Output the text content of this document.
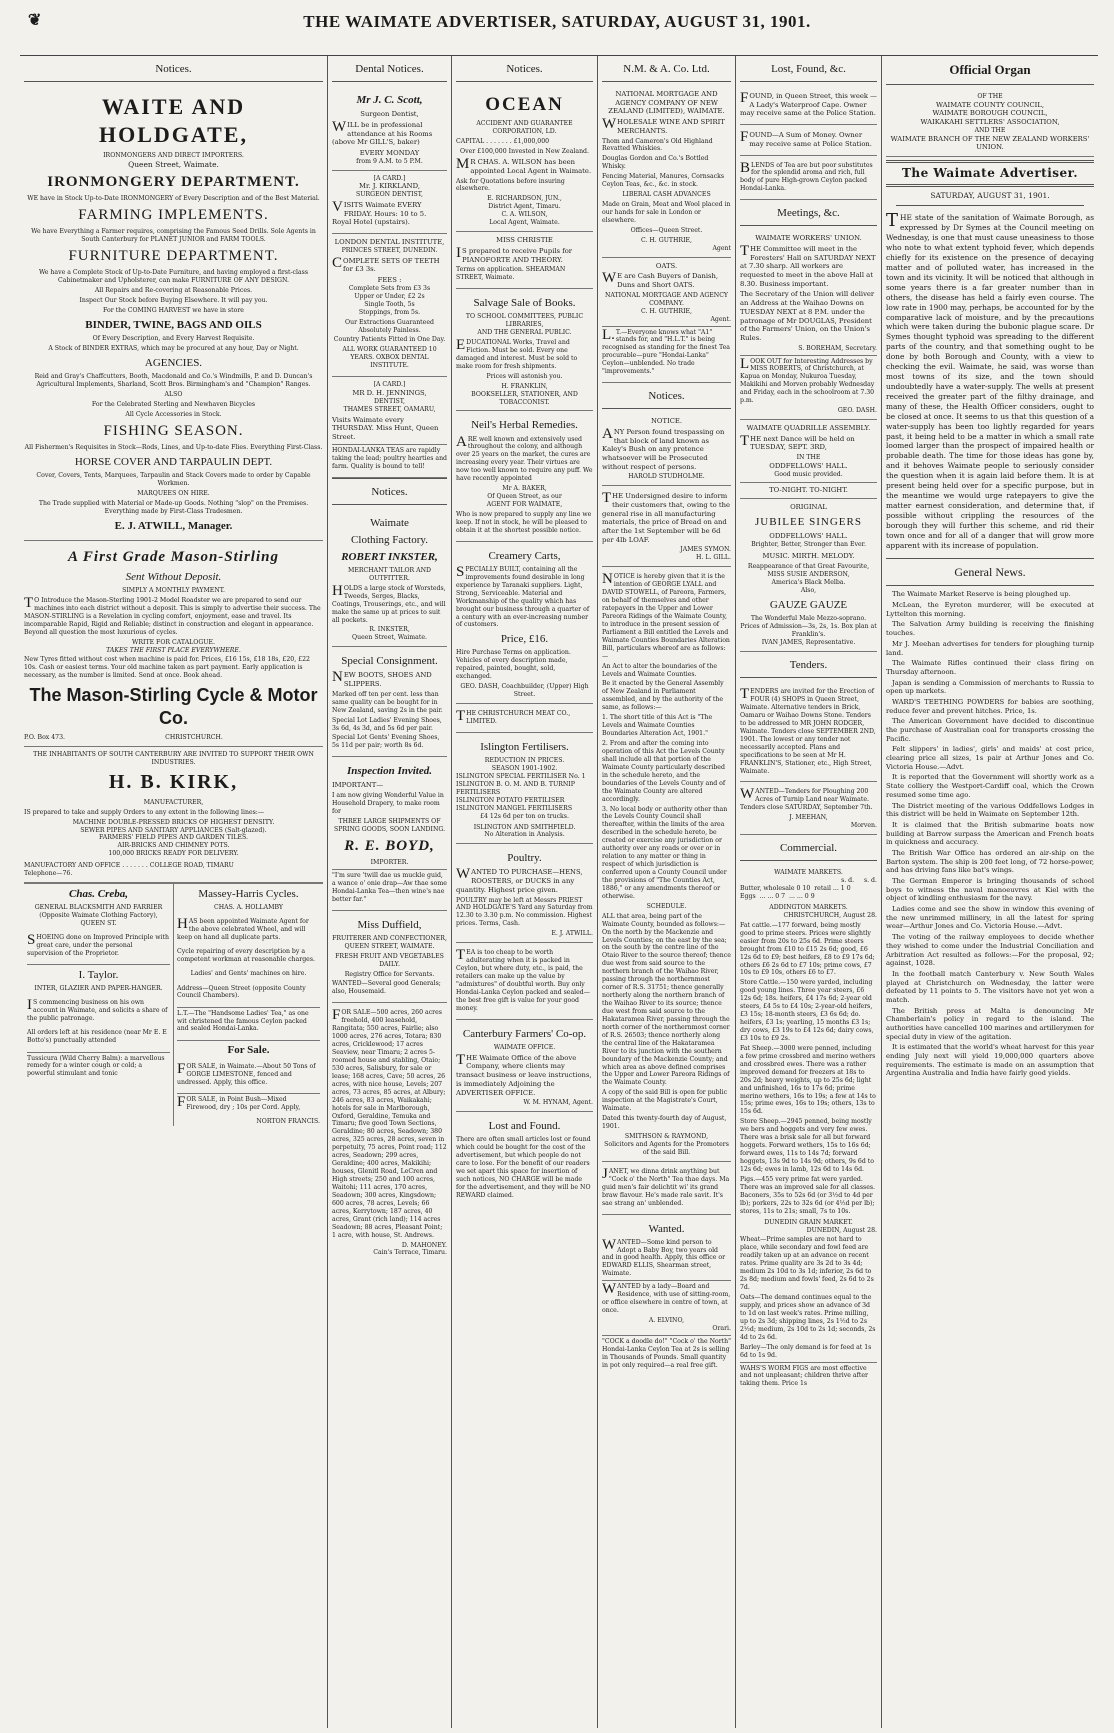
❦	THE WAIMATE ADVERTISER, SATURDAY, AUGUST 31, 1901.
Notices.
WAITE AND HOLDGATE,
IRONMONGERS AND DIRECT IMPORTERS.
Queen Street, Waimate.
IRONMONGERY DEPARTMENT.

WE have in Stock Up-to-Date IRONMONGERY of Every Description and of the Best Material.

FARMING IMPLEMENTS.

We have Everything a Farmer requires, comprising the Famous Seed Drills. Sole Agents in South Canterbury for PLANET JUNIOR and FARM TOOLS.

FURNITURE DEPARTMENT.

We have a Complete Stock of Up-to-Date Furniture, and having employed a first-class Cabinetmaker and Upholsterer, can make FURNITURE OF ANY DESIGN.

All Repairs and Re-covering at Reasonable Prices.

Inspect Our Stock before Buying Elsewhere. It will pay you.

For the COMING HARVEST we have in store

BINDER, TWINE, BAGS AND OILS

Of Every Description, and Every Harvest Requisite.

A Stock of BINDER EXTRAS, which may be procured at any hour, Day or Night.

AGENCIES.

Reid and Gray's Chaffcutters, Booth, Macdonald and Co.'s Windmills, P. and D. Duncan's Agricultural Implements, Sharland, Scott Bros. Birmingham's and "Champion" Ranges.

ALSO

For the Celebrated Sterling and Newhaven Bicycles

All Cycle Accessories in Stock.

FISHING SEASON.

All Fishermen's Requisites in Stock—Rods, Lines, and Up-to-date Flies. Everything First-Class.

HORSE COVER AND TARPAULIN DEPT.

Cover, Covers, Tents, Marquees, Tarpaulin and Stack Covers made to order by Capable Workmen.

MARQUEES ON HIRE.

The Trade supplied with Material or Made-up Goods. Nothing "slop" on the Premises. Everything made by First-Class Tradesmen.

E. J. ATWILL, Manager.
A First Grade Mason-Stirling
Sent Without Deposit.
SIMPLY A MONTHLY PAYMENT.

TO Introduce the Mason-Sterling 1901-2 Model Roadster we are prepared to send our machines into each district without a deposit. This is simply to advertise their success. The MASON-STIRLING is a Revelation in cycling comfort, enjoyment, ease and travel. Its incomparable Rapid, Rigid and Reliable; distinct in construction and elegant in appearance. Beyond all question the most luxurious of cycles.

WRITE FOR CATALOGUE.
TAKES THE FIRST PLACE EVERYWHERE.

New Tyres fitted without cost when machine is paid for. Prices, £16 15s, £18 18s, £20, £22 10s. Cash or easiest terms. Your old machine taken as part payment. Early application is necessary, as the number is limited. Send at once. Book ahead.

The Mason-Stirling Cycle & Motor Co.
P.O. Box 473.	CHRISTCHURCH.
THE INHABITANTS OF SOUTH CANTERBURY ARE INVITED TO SUPPORT THEIR OWN INDUSTRIES.
H. B. KIRK,
MANUFACTURER,

IS prepared to take and supply Orders to any extent in the following lines:—

MACHINE DOUBLE-PRESSED BRICKS OF HIGHEST DENSITY.
SEWER PIPES AND SANITARY APPLIANCES (Salt-glazed).
FARMERS' FIELD PIPES AND GARDEN TILES.
AIR-BRICKS AND CHIMNEY POTS.
100,000 BRICKS READY FOR DELIVERY.
MANUFACTORY AND OFFICE . . . . . . . COLLEGE ROAD, TIMARU
Telephone—76.
Chas. Creba,
GENERAL BLACKSMITH AND FARRIER
(Opposite Waimate Clothing Factory),
QUEEN ST.

SHOEING done on Improved Principle with great care, under the personal supervision of the Proprietor.

I. Taylor.
INTER, GLAZIER AND PAPER-HANGER.

IS commencing business on his own account in Waimate, and solicits a share of the public patronage.

All orders left at his residence (near Mr E. E Botto's) punctually attended

Tussicura (Wild Cherry Balm): a marvellous remedy for a winter cough or cold; a powerful stimulant and tonic

Massey-Harris Cycles.
CHAS. A. HOLLAMBY

HAS been appointed Waimate Agent for the above celebrated Wheel, and will keep on hand all duplicate parts.

Cycle repairing of every description by a competent workman at reasonable charges.

Ladies' and Gents' machines on hire.

Address—Queen Street (opposite County Council Chambers).

L.T.—The "Handsome Ladies' Tea," as one wit christened the famous Ceylon packed and sealed Hondai-Lanka.

For Sale.

FOR SALE, in Waimate.—About 50 Tons of GORGE LIMESTONE, fenced and undressed. Apply, this office.

FOR SALE, in Point Bush—Mixed Firewood, dry ; 10s per Cord. Apply,

NORTON FRANCIS.
Dental Notices.
Mr J. C. Scott,
Surgeon Dentist,

WILL be in professional attendance at his Rooms (above Mr GILL'S, baker)

EVERY MONDAY
from 9 A.M. to 5 P.M.
[A CARD.]
Mr. J. KIRKLAND,
SURGEON DENTIST,

VISITS Waimate EVERY FRIDAY. Hours: 10 to 5. Royal Hotel (upstairs).

LONDON DENTAL INSTITUTE,
PRINCES STREET, DUNEDIN.

COMPLETE SETS OF TEETH for £3 3s.

FEES :
Complete Sets from £3 3s
Upper or Under, £2 2s
Single Tooth, 5s
Stoppings, from 5s.

Our Extractions Guaranteed Absolutely Painless.

Country Patients Fitted in One Day.

ALL WORK GUARANTEED 10 YEARS. OXBOX DENTAL INSTITUTE.

[A CARD.]
MR D. H. JENNINGS,
DENTIST,
THAMES STREET, OAMARU,

Visits Waimate every THURSDAY. Miss Hunt, Queen Street.

HONDAI-LANKA TEAS are rapidly taking the lead; poultry hearties and farm. Quality is bound to tell!

Notices.
Waimate
Clothing Factory.
ROBERT INKSTER,
MERCHANT TAILOR AND OUTFITTER.

HOLDS a large stock of Worsteds, Tweeds, Serges, Blacks, Coatings, Trouserings, etc., and will make the same up at prices to suit all pockets.

R. INKSTER,
Queen Street, Waimate.
Special Consignment.

NEW BOOTS, SHOES AND SLIPPERS.

Marked off ten per cent. less than same quality can be bought for in New Zealand, saving 2s in the pair.

Special Lot Ladies' Evening Shoes, 3s 6d, 4s 3d, and 5s 6d per pair.

Special Lot Gents' Evening Shoes, 5s 11d per pair; worth 8s 6d.

Inspection Invited.

IMPORTANT—

I am now giving Wonderful Value in Household Drapery, to make room for

THREE LARGE SHIPMENTS OF SPRING GOODS, SOON LANDING.

R. E. BOYD,
IMPORTER.

"I'm sure 'twill dae us muckle guid, a wance o' onie drap—Aw thae some Hondai-Lanka Tea—then wine's nae better far."

Miss Duffield,
FRUITERER AND CONFECTIONER,
QUEEN STREET, WAIMATE.

FRESH FRUIT AND VEGETABLES DAILY.

Registry Office for Servants.

WANTED—Several good Generals; also, Housemaid.

FOR SALE—500 acres, 260 acres freehold, 400 leasehold, Rangitata; 550 acres, Fairlie; also 1000 acres, 276 acres, Totara; 830 acres, Cricklewood; 17 acres Seaview, near Timaru; 2 acres 5-roomed house and stabling, Otaio; 530 acres, Salisbury, for sale or lease; 168 acres, Cave; 50 acres, 26 acres, with nice house, Levels; 207 acres, 73 acres, 85 acres, at Albury; 246 acres, 83 acres, Waikakahi; hotels for sale in Marlborough, Oxford, Geraldine, Temuka and Timaru; five good Town Sections, Geraldine; 80 acres, Seadown; 380 acres, 325 acres, 28 acres, seven in perpetuity, 75 acres, Point road; 112 acres, Seadown; 299 acres, Geraldine; 400 acres, Makikihi; houses, Glenitl Road, LeCren and High streets; 250 and 100 acres, Waitohi; 111 acres, 170 acres, Seadown; 300 acres, Kingsdown; 600 acres, 78 acres, Levels; 66 acres, Kerrytown; 187 acres, 40 acres, Grant (rich land); 114 acres Seadown; 88 acres, Pleasant Point; 1 acre, with house, St. Andrews.

D. MAHONEY.
Cain's Terrace, Timaru.
Notices.
OCEAN
ACCIDENT AND GUARANTEE CORPORATION, LD.

CAPITAL . . . . . . . £1,000,000

Over £100,000 Invested in New Zealand.

MR CHAS. A. WILSON has been appointed Local Agent in Waimate.

Ask for Quotations before insuring elsewhere.

E. RICHARDSON, JUN.,
District Agent, Timaru.
C. A. WILSON,
Local Agent, Waimate.
MISS CHRISTIE

IS prepared to receive Pupils for PIANOFORTE AND THEORY.

Terms on application. SHEARMAN STREET, Waimate.

Salvage Sale of Books.
TO SCHOOL COMMITTEES, PUBLIC LIBRARIES,
AND THE GENERAL PUBLIC.

EDUCATIONAL Works, Travel and Fiction. Must be sold. Every one damaged and interest. Must be sold to make room for fresh shipments.

Prices will astonish you.

H. FRANKLIN,
BOOKSELLER, STATIONER, AND TOBACCONIST.
Neil's Herbal Remedies.

ARE well known and extensively used throughout the colony, and although over 25 years on the market, the cures are increasing every year. Their virtues are now too well known to require any puff. We have recently appointed

Mr A. BAKER,
Of Queen Street, as our
AGENT FOR WAIMATE,

Who is now prepared to supply any line we keep. If not in stock, he will be pleased to obtain it at the shortest possible notice.

Creamery Carts,

SPECIALLY BUILT, containing all the improvements found desirable in long experience by Taranaki suppliers. Light, Strong, Serviceable. Material and Workmanship of the quality which has brought our business through a quarter of a century with an ever-increasing number of customers.

Price, £16.

Hire Purchase Terms on application. Vehicles of every description made, repaired, painted, bought, sold, exchanged.

GEO. DASH, Coachbuilder, (Upper) High Street.

THE CHRISTCHURCH MEAT CO., LIMITED.

Islington Fertilisers.
REDUCTION IN PRICES.
SEASON 1901-1902.
ISLINGTON SPECIAL FERTILISER No. 1
ISLINGTON B. O. M. AND B. TURNIP FERTILISERS
ISLINGTON POTATO FERTILISER
ISLINGTON MANGEL FERTILISERS
£4 12s 6d per ton on trucks.
ISLINGTON AND SMITHFIELD.
No Alteration in Analysis.
Poultry.

WANTED TO PURCHASE—HENS, ROOSTERS, or DUCKS in any quantity. Highest price given.

POULTRY may be left at Messrs PRIEST AND HOLDGATE'S Yard any Saturday from 12.30 to 3.30 p.m. No commission. Highest prices. Terms, Cash.

E. J. ATWILL.

TEA is too cheap to be worth adulterating when it is packed in Ceylon, but where duty, etc., is paid, the retailers can make up the value by "admixtures" of doubtful worth. Buy only Hondai-Lanka Ceylon packed and sealed—the best free gift is value for your good money.

Canterbury Farmers' Co-op.
WAIMATE OFFICE.

THE Waimate Office of the above Company, where clients may transact business or leave instructions, is immediately Adjoining the ADVERTISER OFFICE.

W. M. HYNAM, Agent.
Lost and Found.

There are often small articles lost or found which could be bought for the cost of the advertisement, but which people do not care to lose. For the benefit of our readers we set apart this space for insertion of such notices, NO CHARGE will be made for the advertisement, and they will be NO REWARD claimed.

N.M. & A. Co. Ltd.
NATIONAL MORTGAGE AND AGENCY COMPANY OF NEW ZEALAND (LIMITED), WAIMATE.

WHOLESALE WINE AND SPIRIT MERCHANTS.

Thom and Cameron's Old Highland Revatted Whiskies.

Douglas Gordon and Co.'s Bottled Whisky.

Fencing Material, Manures, Cornsacks Ceylon Teas, &c., &c. in stock.

LIBERAL CASH ADVANCES

Made on Grain, Meat and Wool placed in our hands for sale in London or elsewhere.

Offices—Queen Street.

C. H. GUTHRIE,
Agent
OATS.

WE are Cash Buyers of Danish, Duns and Short OATS.

NATIONAL MORTGAGE AND AGENCY COMPANY.
C. H. GUTHRIE,
Agent.

L.T.—Everyone knows what "A1" stands for, and "H.L.T." is being recognised as standing for the finest Tea procurable—pure "Hondai-Lanka" Ceylon—unblended. No trade "improvements."

Notices.
NOTICE.

ANY Person found trespassing on that block of land known as Kaley's Bush on any pretence whatsoever will be Prosecuted without respect of persons.

HAROLD STUDHOLME.

THE Undersigned desire to inform their customers that, owing to the general rise in all manufacturing materials, the price of Bread on and after the 1st September will be 6d per 4lb LOAF.

JAMES SYMON.
H. L. GILL.

NOTICE is hereby given that it is the intention of GEORGE LYALL and DAVID STOWELL, of Pareora, Farmers, on behalf of themselves and other ratepayers in the Upper and Lower Pareora Ridings of the Waimate County, to introduce in the present session of Parliament a Bill entitled the Levels and Waimate Counties Boundaries Alteration Bill, particulars whereof are as follows:—

An Act to alter the boundaries of the Levels and Waimate Counties.

Be it enacted by the General Assembly of New Zealand in Parliament assembled, and by the authority of the same, as follows:—

1. The short title of this Act is "The Levels and Waimate Counties Boundaries Alteration Act, 1901."

2. From and after the coming into operation of this Act the Levels County shall include all that portion of the Waimate County particularly described in the schedule hereto, and the boundaries of the Levels County and of the Waimate County are altered accordingly.

3. No local body or authority other than the Levels County Council shall thereafter, within the limits of the area described in the schedule hereto, be created or exercise any jurisdiction or authority over any roads or over or in relation to any matter or thing in respect of which jurisdiction is conferred upon a County Council under the provisions of "The Counties Act, 1886," or any amendments thereof or otherwise.

SCHEDULE.

ALL that area, being part of the Waimate County, bounded as follows:—On the north by the Mackenzie and Levels Counties; on the east by the sea; on the south by the centre line of the Otaio River to the source thereof; thence due west from said source to the northern branch of the Waihao River, passing through the northernmost corner of R.S. 31751; thence generally northerly along the northern branch of the Waihao River to its source; thence due west from said source to the Hakataramea River, passing through the north corner of the northernmost corner of R.S. 26503; thence northerly along the central line of the Hakataramea River to its junction with the southern boundary of the Mackenzie County; and which area as above defined comprises the Upper and Lower Pareora Ridings of the Waimate County.

A copy of the said Bill is open for public inspection at the Magistrate's Court, Waimate.

Dated this twenty-fourth day of August, 1901.

SMITHSON & RAYMOND,
Solicitors and Agents for the Promoters of the said Bill.

JANET, we dinna drink anything but "Cock o' the North" Tea thae days. Ma guid men's fair delichtit wi' its grand braw flavour. He's made rale savit. It's sae strang an' unblended.

Wanted.

WANTED—Some kind person to Adopt a Baby Boy, two years old and in good health. Apply, this office or EDWARD ELLIS, Shearman street, Waimate.

WANTED by a lady—Board and Residence, with use of sitting-room, or office elsewhere in centre of town, at once.

A. ELVINO,
Orari.

"COCK a doodle do!" "Cock o' the North" Hondai-Lanka Ceylon Tea at 2s is selling in Thousands of Pounds. Small quantity in pot only required—a real free gift.

Lost, Found, &c.

FOUND, in Queen Street, this week — A Lady's Waterproof Cape. Owner may receive same at the Police Station.

FOUND—A Sum of Money. Owner may receive same at Police Station.

BLENDS of Tea are but poor substitutes for the splendid aroma and rich, full body of pure High-grown Ceylon packed Hondai-Lanka.

Meetings, &c.
WAIMATE WORKERS' UNION.

THE Committee will meet in the Foresters' Hall on SATURDAY NEXT at 7.30 sharp. All workers are requested to meet in the above Hall at 8.30. Business important.

The Secretary of the Union will deliver an Address at the Waihao Downs on TUESDAY NEXT at 8 P.M. under the patronage of Mr DOUGLAS, President of the Farmers' Union, on the Union's Rules.

S. BOREHAM, Secretary.

LOOK OUT for Interesting Addresses by MISS ROBERTS, of Christchurch, at Kapua on Monday, Nukuroa Tuesday, Makikihi and Morven probably Wednesday and Friday, each in the schoolroom at 7.30 p.m.

GEO. DASH.
WAIMATE QUADRILLE ASSEMBLY.

THE next Dance will be held on TUESDAY, SEPT. 3RD,

IN THE
ODDFELLOWS' HALL.
Good music provided.
TO-NIGHT. TO-NIGHT.
ORIGINAL
JUBILEE SINGERS
ODDFELLOWS' HALL.
Brighter, Better, Stronger than Ever.
MUSIC. MIRTH. MELODY.
Reappearance of that Great Favourite, MISS SUSIE ANDERSON,
America's Black Melba.
Also,
GAUZE GAUZE
The Wonderful Male Mezzo-soprano.
Prices of Admission—3s, 2s, 1s. Box plan at Franklin's.
IVAN JAMES, Representative.
Tenders.

TENDERS are invited for the Erection of FOUR (4) SHOPS in Queen Street, Waimate. Alternative tenders in Brick, Oamaru or Waihao Downs Stone. Tenders to be addressed to MR JOHN RODGER, Waimate. Tenders close SEPTEMBER 2ND, 1901. The lowest or any tender not necessarily accepted. Plans and specifications to be seen at Mr H. FRANKLIN'S, Stationer, etc., High Street, Waimate.

WANTED—Tenders for Ploughing 200 Acres of Turnip Land near Waimate. Tenders close SATURDAY, September 7th.

J. MEEHAN,
Morven.
Commercial.
WAIMATE MARKETS.
s. d.     s. d.
Butter, wholesale 0 10  retail ... 1 0
Eggs  ... ... 0 7  ... ... 0 9
ADDINGTON MARKETS.
CHRISTCHURCH, August 28.

Fat cattle.—177 forward, being mostly good to prime steers. Prices were slightly easier from 20s to 25s 6d. Prime steers brought from £10 to £15 2s 6d; good, £6 12s 6d to £9; best heifers, £8 to £9 17s 6d; others £6 2s 6d to £7 10s; prime cows, £7 10s to £9 10s, others £6 to £7.

Store Cattle.—150 were yarded, including good young lines. Three year steers, £6 12s 6d; 18s. heifers, £4 17s 6d; 2-year old steers, £4 5s to £4 10s; 2-year-old heifers, £3 15s; 18-month steers, £3 6s 6d; do. heifers, £3 1s; yearling, 15 months £3 1s; dry cows, £3 19s to £4 12s 6d; dairy cows, £3 10s to £9 2s.

Fat Sheep.—3000 were penned, including a few prime crossbred and merino wethers and crossbred ewes. There was a rather improved demand for freezers at 18s to 20s 2d; heavy weights, up to 25s 6d; light and unfinished, 16s to 17s 6d; prime merino wethers, 16s to 19s; a few at 14s to 15s; prime ewes, 16s to 19s; others, 13s to 15s 6d.

Store Sheep.—2945 penned, being mostly we bers and hoggets and very few ewes. There was a brisk sale for all but forward hoggets. Forward wethers, 15s to 16s 6d; forward ewes, 11s to 14s 7d; forward hoggets, 13s 9d to 14s 9d; others, 9s 6d to 12s 6d; ewes in lamb, 12s 6d to 14s 6d.

Pigs.—455 very prime fat were yarded. There was an improved sale for all classes. Baconers, 35s to 52s 6d (or 3½d to 4d per lb); porkers, 22s to 32s 6d (or 4½d per lb); stores, 11s to 21s; small, 7s to 10s.

DUNEDIN GRAIN MARKET.
DUNEDIN, August 28.

Wheat—Prime samples are not hard to place, while secondary and fowl feed are readily taken up at an advance on recent rates. Prime quality are 3s 2d to 3s 4d; medium 2s 10d to 3s 1d; inferior, 2s 6d to 2s 8d; medium and fowls' feed, 2s 6d to 2s 7d.

Oats—The demand continues equal to the supply, and prices show an advance of 3d to 1d on last week's rates. Prime milling, up to 2s 3d; shipping lines, 2s 1½d to 2s 2½d; medium, 2s 10d to 2s 1d; seconds, 2s 4d to 2s 6d.

Barley—The only demand is for feed at 1s 6d to 1s 9d.

WAHS'S WORM FIGS are most effective and not unpleasant; children thrive after taking them. Price 1s

Official Organ
OF THE
WAIMATE COUNTY COUNCIL,
WAIMATE BOROUGH COUNCIL,
WAIKAKAHI SETTLERS' ASSOCIATION,
AND THE
WAIMATE BRANCH OF THE NEW ZEALAND WORKERS' UNION.
The Waimate Advertiser.
SATURDAY, AUGUST 31, 1901.

THE state of the sanitation of Waimate Borough, as expressed by Dr Symes at the Council meeting on Wednesday, is one that must cause uneasiness to those who note to what extent typhoid fever, which depends chiefly for its existence on the presence of decaying matter and of polluted water, has increased in the town and its vicinity. It will be noticed that although in some years there is a far greater number than in others, the disease has held a fairly even course. The low rate in 1900 may, perhaps, be accounted for by the comparative lack of moisture, and by the precautions which were taken during the bubonic plague scare. Dr Symes thought typhoid was spreading to the different parts of the country, and that something ought to be done by both Borough and County, with a view to checking the evil. Waimate, he said, was worse than most towns of its size, and the town should undoubtedly have a water-supply. The wells at present received the greater part of the filthy drainage, and many of these, the Health Officer considers, ought to be closed at once. It seems to us that this question of a water-supply has been too lightly regarded for years past, it being held to be a matter in which a small rate loomed larger than the prospect of impaired health or probable death. The time for those ideas has gone by, and it behoves Waimate people to seriously consider the question when it is again laid before them. It is at present being held over for a specific purpose, but in the meantime we would urge ratepayers to give the matter earnest consideration, and determine that, if possible without crippling the resources of the borough they will further this scheme, and rid their town once and for all of a danger that will grow more apparent with its increase of population.

General News.

The Waimate Market Reserve is being ploughed up.

McLean, the Eyreton murderer, will be executed at Lyttelton this morning.

The Salvation Army building is receiving the finishing touches.

Mr J. Meehan advertises for tenders for ploughing turnip land.

The Waimate Rifles continued their class firing on Thursday afternoon.

Japan is sending a Commission of merchants to Russia to open up markets.

WARD'S TEETHING POWDERS for babies are soothing, reduce fever and prevent hitches. Price, 1s.

The American Government have decided to discontinue the purchase of Australian coal for transports crossing the Pacific.

Felt slippers' in ladies', girls' and maids' at cost price, clearing price all sizes, 1s pair at Arthur Jones and Co. Victoria House.—Advt.

It is reported that the Government will shortly work as a State colliery the Westport-Cardiff coal, which the Crown resumed some time ago.

The District meeting of the various Oddfellows Lodges in this district will be held in Waimate on September 12th.

It is claimed that the British submarine boats now building at Barrow surpass the American and French boats in quickness and accuracy.

The British War Office has ordered an air-ship on the Barton system. The ship is 200 feet long, of 72 horse-power, and has driving fans like bat's wings.

The German Emperor is bringing thousands of school boys to witness the naval manoeuvres at Kiel with the object of kindling enthusiasm for the navy.

Ladies come and see the show in window this evening of the new unrimmed millinery, in all the latest for spring wear—Arthur Jones and Co. Victoria House.—Advt.

The voting of the railway employees to decide whether they wished to come under the Industrial Conciliation and Arbitration Act resulted as follows:—For the proposal, 92; against, 1028.

In the football match Canterbury v. New South Wales played at Christchurch on Wednesday, the latter were defeated by 11 points to 5. The visitors have not yet won a match.

The British press at Malta is denouncing Mr Chamberlain's policy in regard to the island. The authorities have cancelled 100 marines and artillerymen for special duty in view of the agitation.

It is estimated that the world's wheat harvest for this year ending July next will yield 19,000,000 quarters above requirements. The estimate is made on an assumption that Argentina Australia and India have fairly good yields.
